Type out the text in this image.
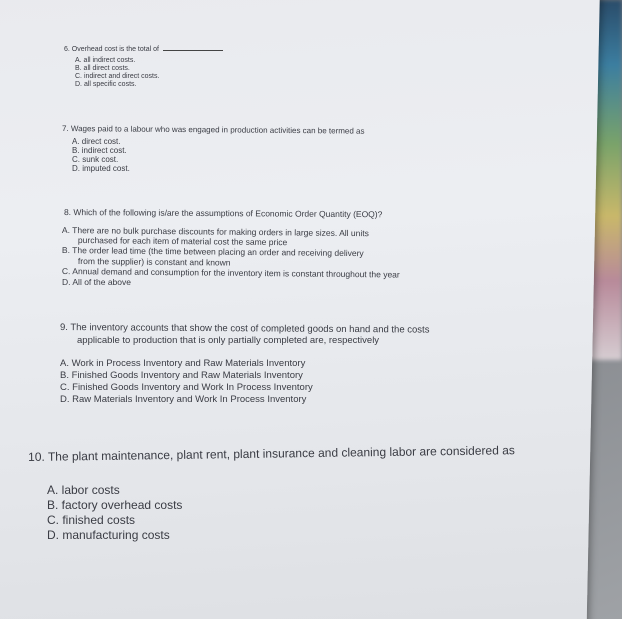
6. Overhead cost is the total of
A. all indirect costs.
B. all direct costs.
C. indirect and direct costs.
D. all specific costs.
7. Wages paid to a labour who was engaged in production activities can be termed as
A. direct cost.
B. indirect cost.
C. sunk cost.
D. imputed cost.
8. Which of the following is/are the assumptions of Economic Order Quantity (EOQ)?
A. There are no bulk purchase discounts for making orders in large sizes. All units
purchased for each item of material cost the same price
B. The order lead time (the time between placing an order and receiving delivery
from the supplier) is constant and known
C. Annual demand and consumption for the inventory item is constant throughout the year
D. All of the above
9. The inventory accounts that show the cost of completed goods on hand and the costs
applicable to production that is only partially completed are, respectively
A. Work in Process Inventory and Raw Materials Inventory
B. Finished Goods Inventory and Raw Materials Inventory
C. Finished Goods Inventory and Work In Process Inventory
D. Raw Materials Inventory and Work In Process Inventory
10. The plant maintenance, plant rent, plant insurance and cleaning labor are considered as
A. labor costs
B. factory overhead costs
C. finished costs
D. manufacturing costs
